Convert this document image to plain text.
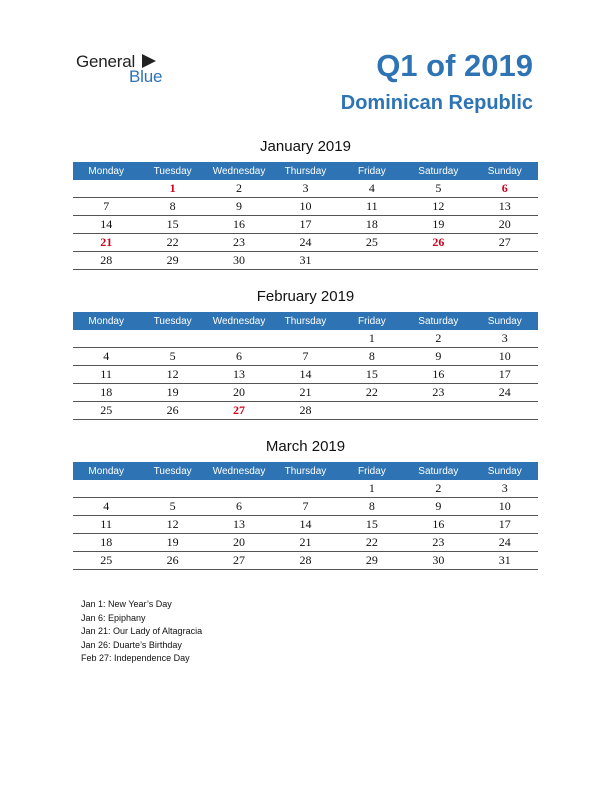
General
Blue	Q1 of 2019
Dominican Republic
January 2019
Monday	Tuesday	Wednesday	Thursday	Friday	Saturday	Sunday
	1	2	3	4	5	6
7	8	9	10	11	12	13
14	15	16	17	18	19	20
21	22	23	24	25	26	27
28	29	30	31			
February 2019
Monday	Tuesday	Wednesday	Thursday	Friday	Saturday	Sunday
				1	2	3
4	5	6	7	8	9	10
11	12	13	14	15	16	17
18	19	20	21	22	23	24
25	26	27	28			
March 2019
Monday	Tuesday	Wednesday	Thursday	Friday	Saturday	Sunday
				1	2	3
4	5	6	7	8	9	10
11	12	13	14	15	16	17
18	19	20	21	22	23	24
25	26	27	28	29	30	31
Jan 1: New Year’s Day
Jan 6: Epiphany
Jan 21: Our Lady of Altagracia
Jan 26: Duarte’s Birthday
Feb 27: Independence Day
